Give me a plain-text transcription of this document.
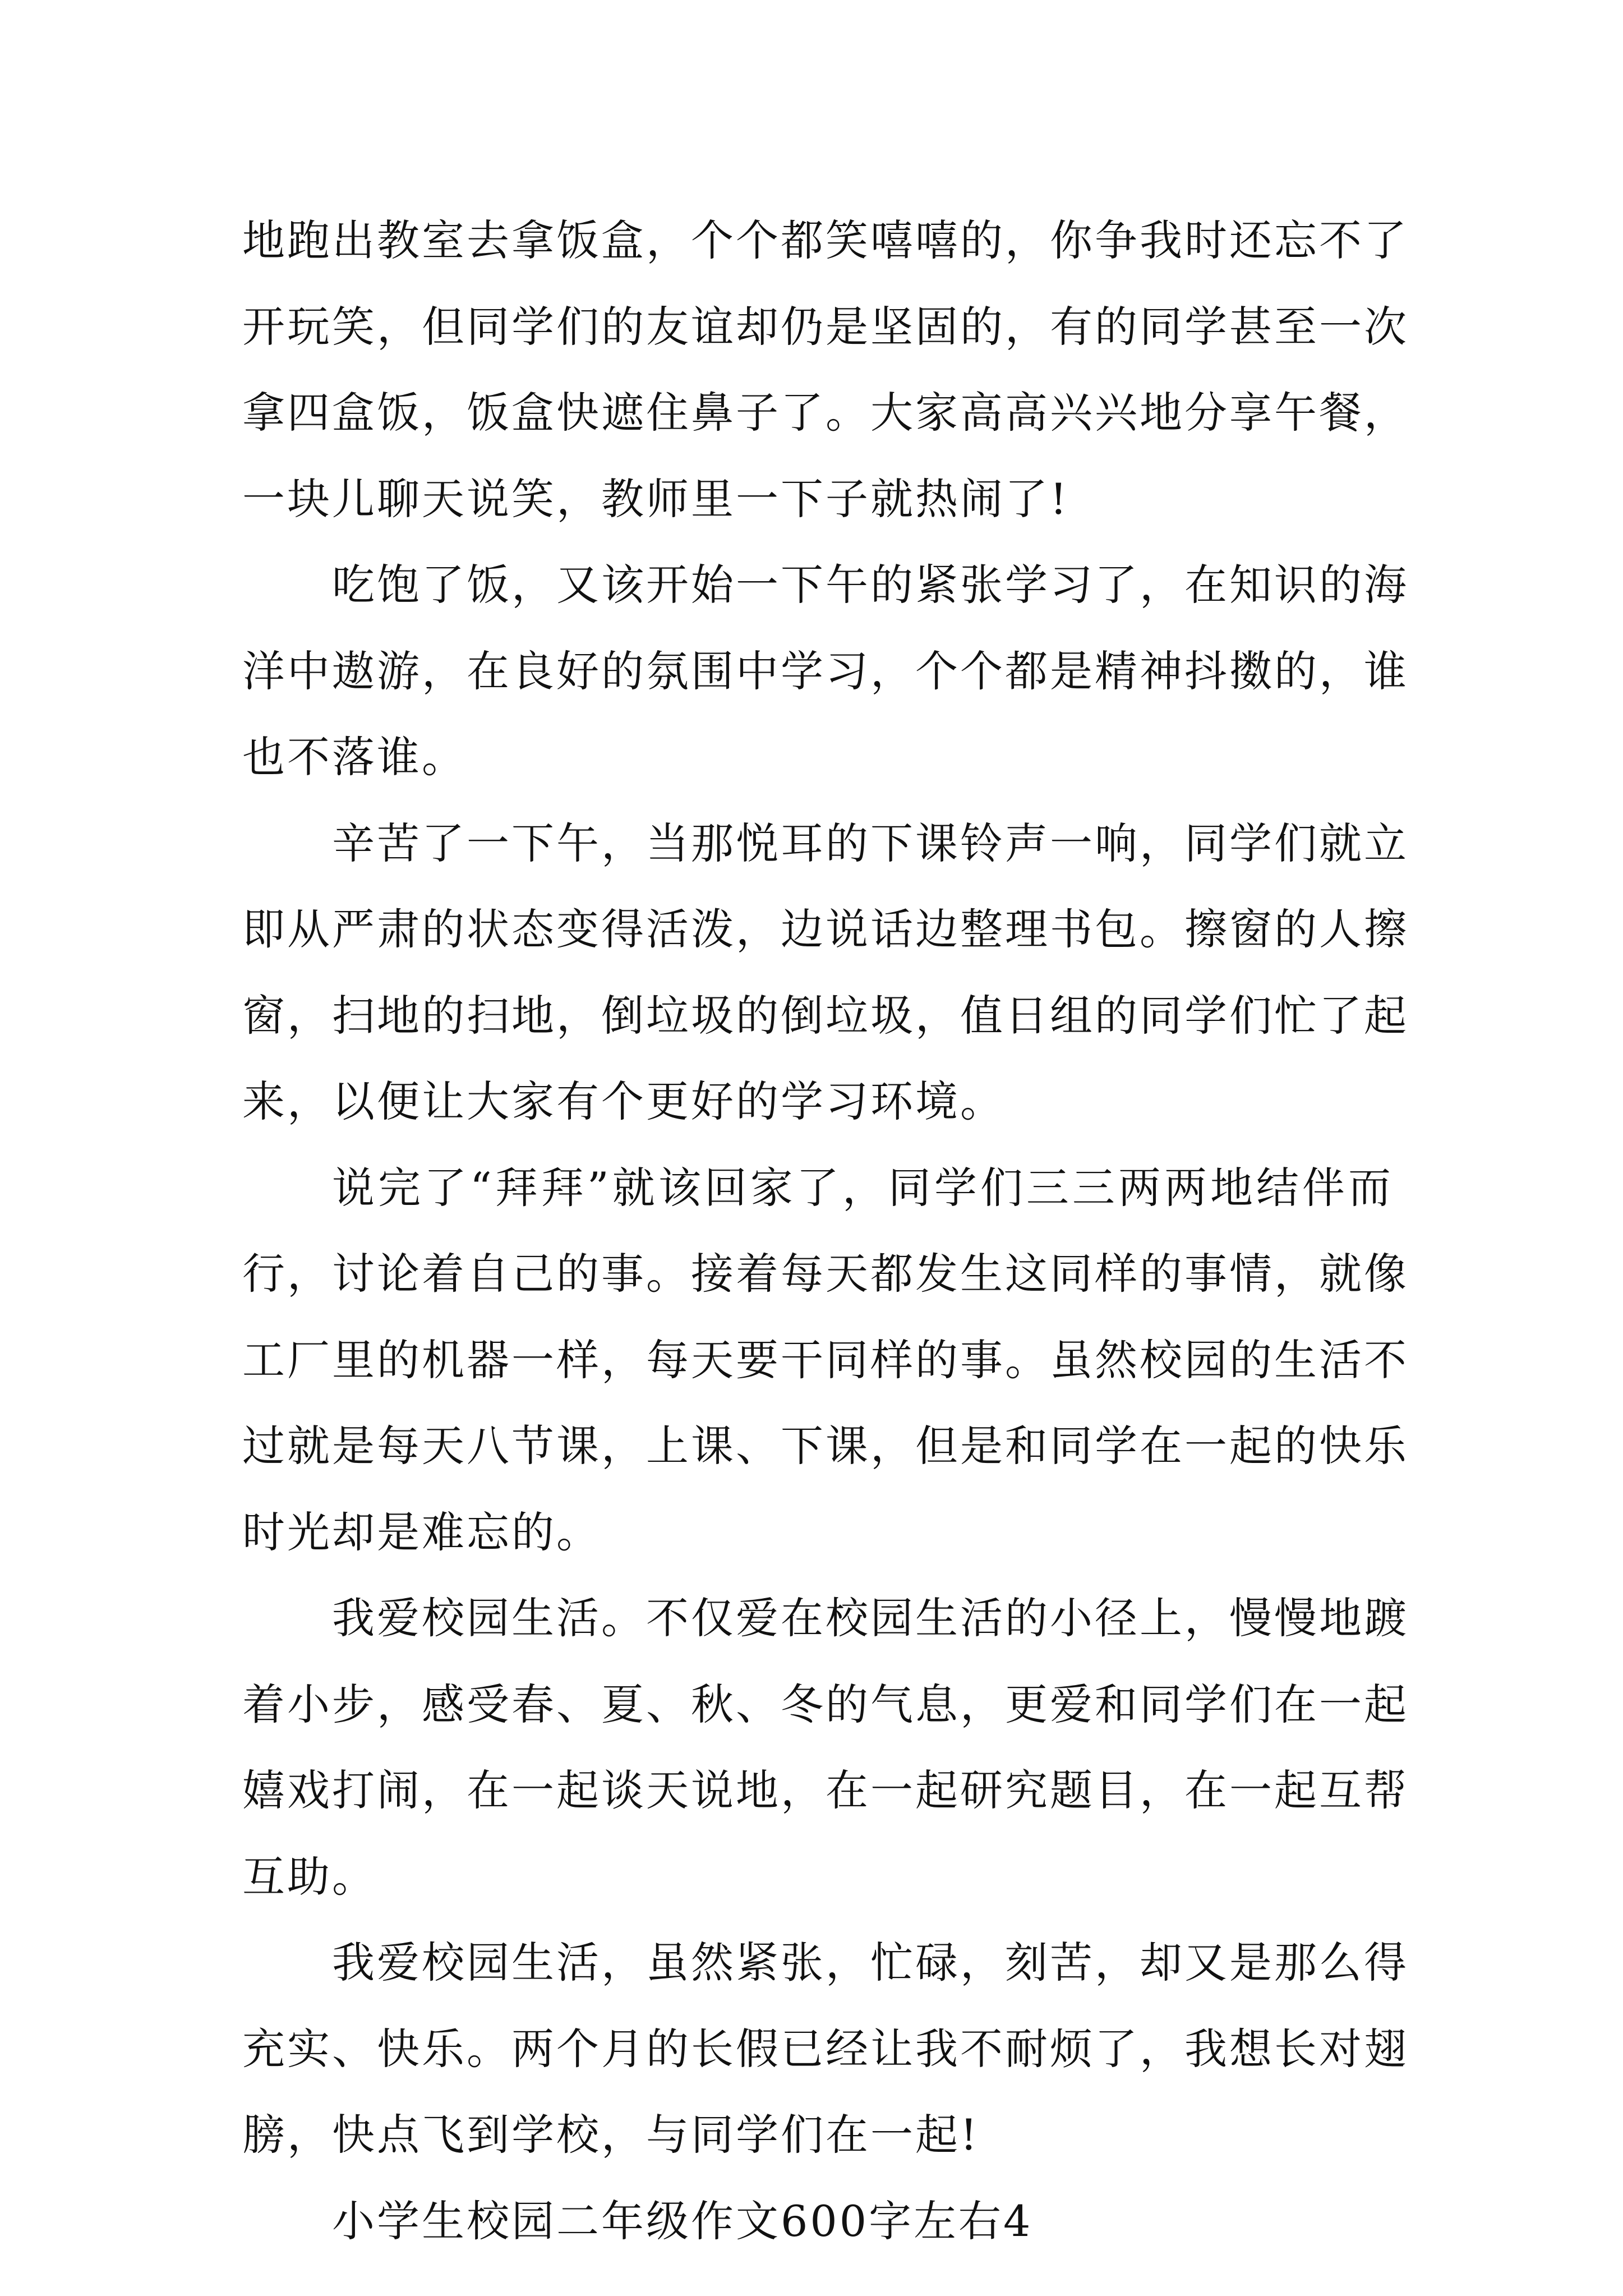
地跑出教室去拿饭盒，个个都笑嘻嘻的，你争我时还忘不了
开玩笑，但同学们的友谊却仍是坚固的，有的同学甚至一次
拿四盒饭，饭盒快遮住鼻子了。大家高高兴兴地分享午餐，
一块儿聊天说笑，教师里一下子就热闹了!

吃饱了饭，又该开始一下午的紧张学习了，在知识的海
洋中遨游，在良好的氛围中学习，个个都是精神抖擞的，谁
也不落谁。

辛苦了一下午，当那悦耳的下课铃声一响，同学们就立
即从严肃的状态变得活泼，边说话边整理书包。擦窗的人擦
窗，扫地的扫地，倒垃圾的倒垃圾，值日组的同学们忙了起
来，以便让大家有个更好的学习环境。

说完了“拜拜”就该回家了，同学们三三两两地结伴而
行，讨论着自己的事。接着每天都发生这同样的事情，就像
工厂里的机器一样，每天要干同样的事。虽然校园的生活不
过就是每天八节课，上课、下课，但是和同学在一起的快乐
时光却是难忘的。

我爱校园生活。不仅爱在校园生活的小径上，慢慢地踱
着小步，感受春、夏、秋、冬的气息，更爱和同学们在一起
嬉戏打闹，在一起谈天说地，在一起研究题目，在一起互帮
互助。

我爱校园生活，虽然紧张，忙碌，刻苦，却又是那么得
充实、快乐。两个月的长假已经让我不耐烦了，我想长对翅
膀，快点飞到学校，与同学们在一起!

小学生校园二年级作文600字左右4
